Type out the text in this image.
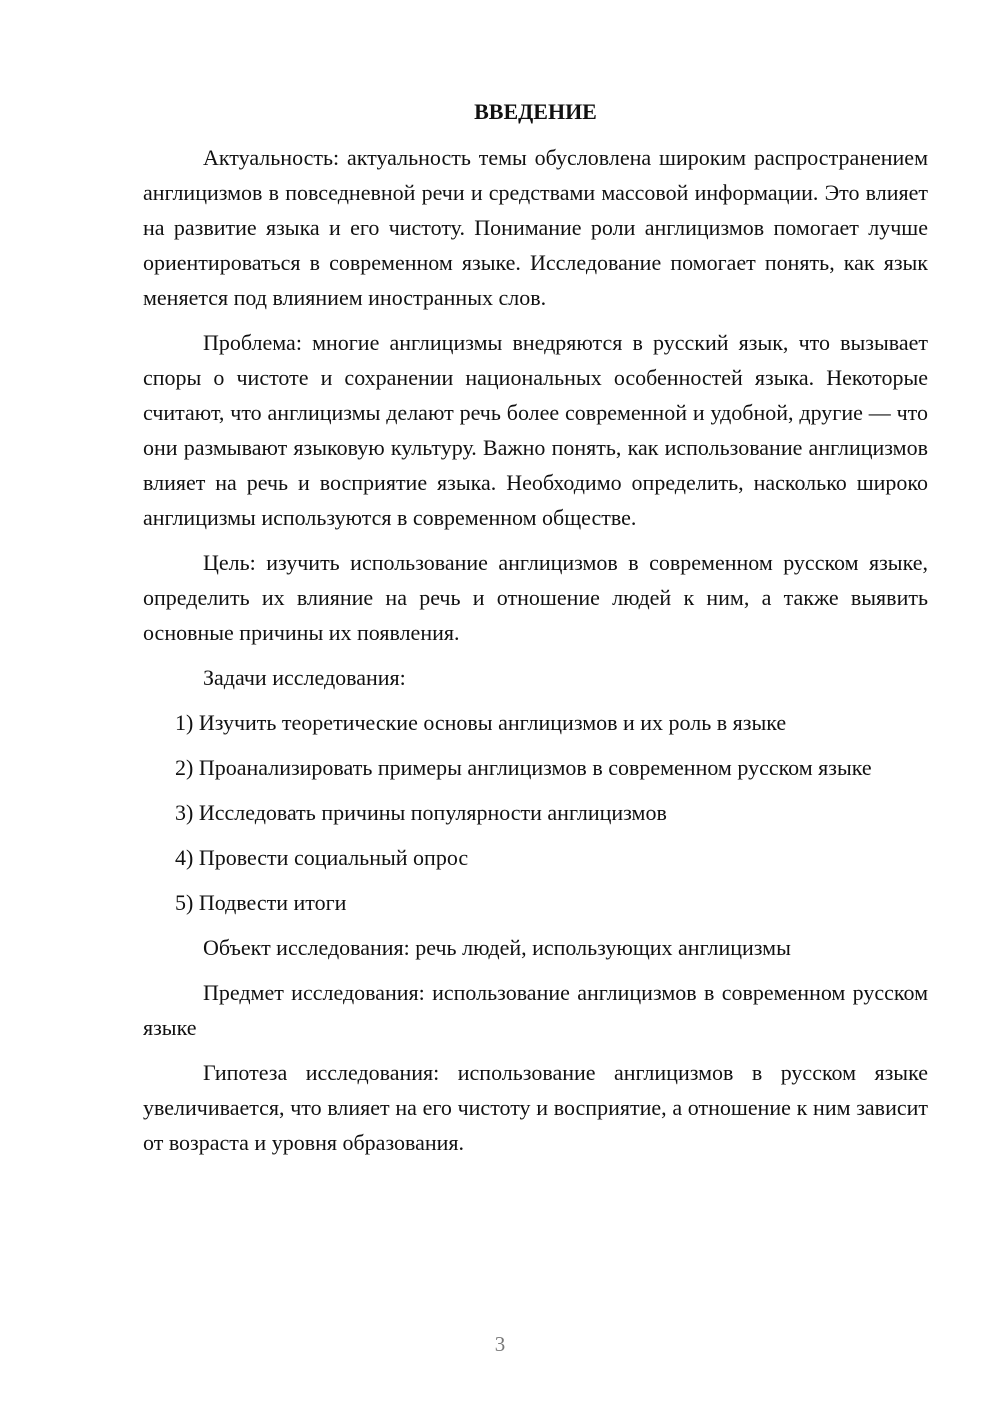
ВВЕДЕНИЕ

Актуальность: актуальность темы обусловлена широким распространением англицизмов в повседневной речи и средствами массовой информации. Это влияет на развитие языка и его чистоту. Понимание роли англицизмов помогает лучше ориентироваться в современном языке. Исследование помогает понять, как язык меняется под влиянием иностранных слов.

Проблема: многие англицизмы внедряются в русский язык, что вызывает споры о чистоте и сохранении национальных особенностей языка. Некоторые считают, что англицизмы делают речь более современной и удобной, другие — что они размывают языковую культуру. Важно понять, как использование англицизмов влияет на речь и восприятие языка. Необходимо определить, насколько широко англицизмы используются в современном обществе.

Цель: изучить использование англицизмов в современном русском языке, определить их влияние на речь и отношение людей к ним, а также выявить основные причины их появления.

Задачи исследования:

1) Изучить теоретические основы англицизмов и их роль в языке

2) Проанализировать примеры англицизмов в современном русском языке

3) Исследовать причины популярности англицизмов

4) Провести социальный опрос

5) Подвести итоги

Объект исследования: речь людей, использующих англицизмы

Предмет исследования: использование англицизмов в современном русском языке

Гипотеза исследования: использование англицизмов в русском языке увеличивается, что влияет на его чистоту и восприятие, а отношение к ним зависит от возраста и уровня образования.

3
